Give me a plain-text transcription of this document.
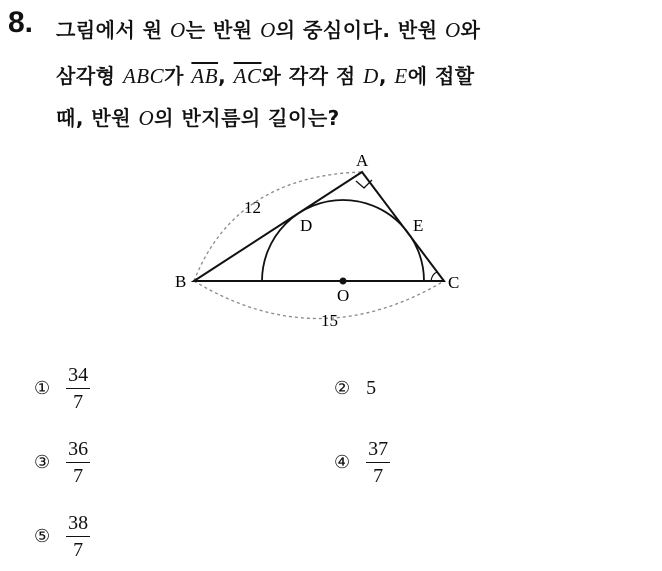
8. 그림에서 원 O는 반원 O의 중심이다. 반원 O와
삼각형 ABC가 $\overline{AB}$, $\overline{AC}$와 각각 점 D, E에 접할
때, 반원 O의 반지름의 길이는?
A
B	C
D	E
O
12
15
① $\frac{34}{7}$	② 5
③ $\frac{36}{7}$	④ $\frac{37}{7}$
⑤ $\frac{38}{7}$
